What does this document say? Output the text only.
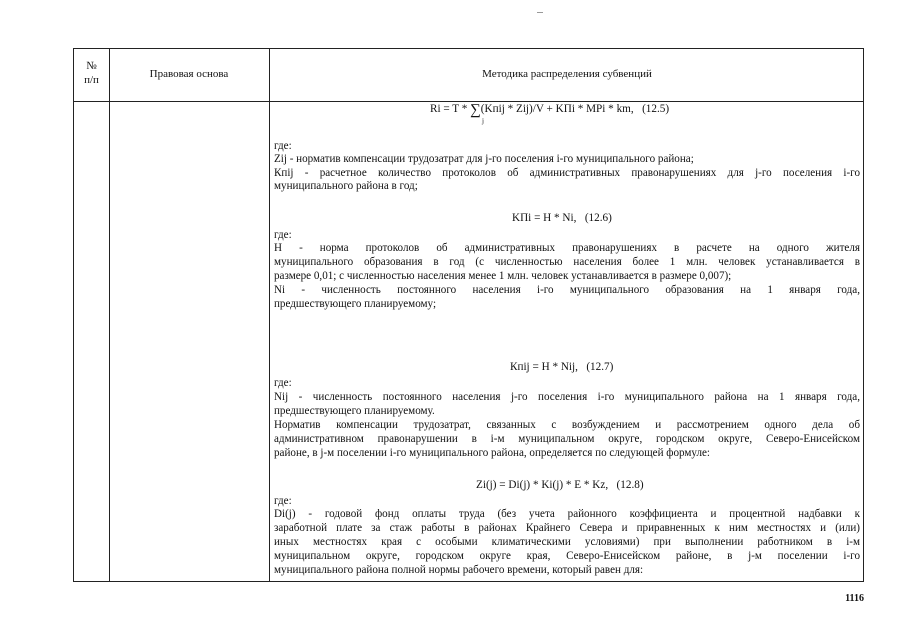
№
п/п	Правовая основа	Методика распределения субвенций
Ri = T * ∑(Kпij * Zij)/V + KПi * MPi * km, (12.5)
j
где:
Zij - норматив компенсации трудозатрат для j-го поселения i-го муниципального района;
Кпij - расчетное количество протоколов об административных правонарушениях для j-го поселения i-го
муниципального района в год;
KПi = H * Ni, (12.6)
где:
H - норма протоколов об административных правонарушениях в расчете на одного жителя
муниципального образования в год (с численностью населения более 1 млн. человек устанавливается в
размере 0,01; с численностью населения менее 1 млн. человек устанавливается в размере 0,007);
Ni - численность постоянного населения i-го муниципального образования на 1 января года,
предшествующего планируемому;
Кпij = H * Nij, (12.7)
где:
Nij - численность постоянного населения j-го поселения i-го муниципального района на 1 января года,
предшествующего планируемому.
Норматив компенсации трудозатрат, связанных с возбуждением и рассмотрением одного дела об
административном правонарушении в i-м муниципальном округе, городском округе, Северо-Енисейском
районе, в j-м поселении i-го муниципального района, определяется по следующей формуле:
Zi(j) = Di(j) * Ki(j) * E * Kz, (12.8)
где:
Di(j) - годовой фонд оплаты труда (без учета районного коэффициента и процентной надбавки к
заработной плате за стаж работы в районах Крайнего Севера и приравненных к ним местностях и (или)
иных местностях края с особыми климатическими условиями) при выполнении работником в i-м
муниципальном округе, городском округе края, Северо-Енисейском районе, в j-м поселении i-го
муниципального района полной нормы рабочего времени, который равен для:
1116
